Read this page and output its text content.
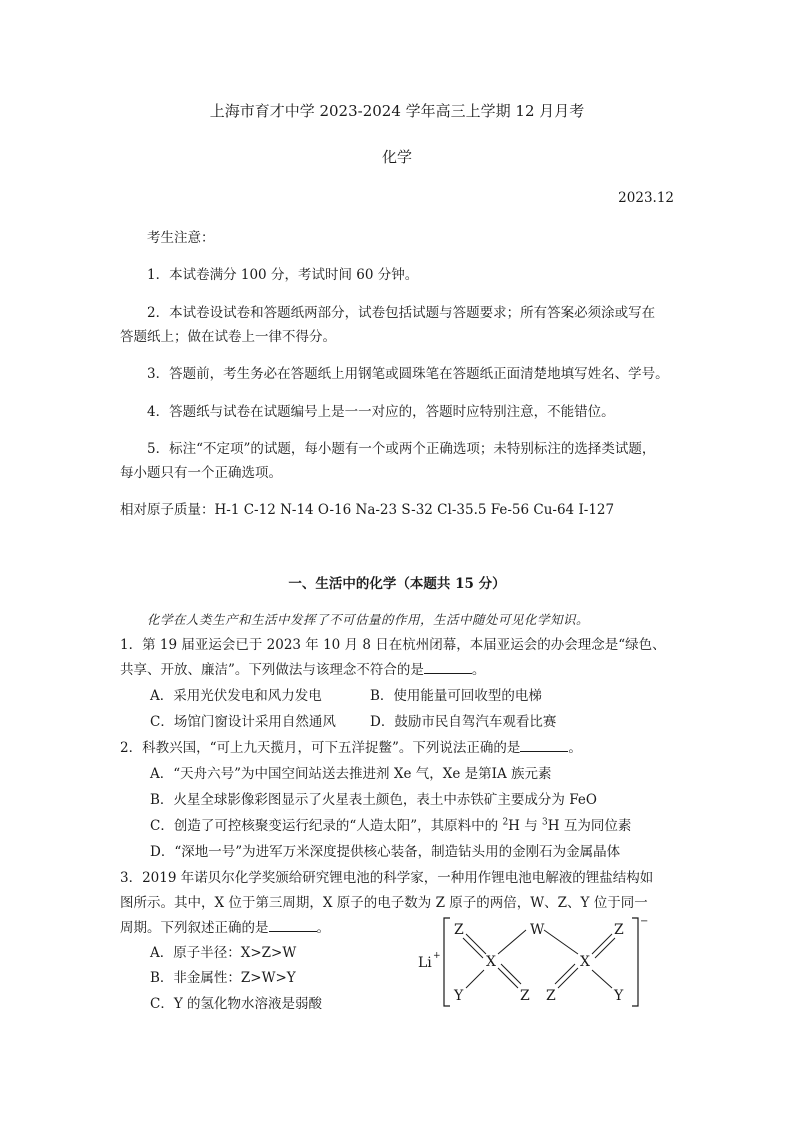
上海市育才中学 2023-2024 学年高三上学期 12 月月考
化学
2023.12
考生注意：
1．本试卷满分 100 分，考试时间 60 分钟。
2．本试卷设试卷和答题纸两部分，试卷包括试题与答题要求；所有答案必须涂或写在
答题纸上；做在试卷上一律不得分。
3．答题前，考生务必在答题纸上用钢笔或圆珠笔在答题纸正面清楚地填写姓名、学号。
4．答题纸与试卷在试题编号上是一一对应的，答题时应特别注意，不能错位。
5．标注“不定项”的试题，每小题有一个或两个正确选项；未特别标注的选择类试题，
每小题只有一个正确选项。
相对原子质量：H-1 C-12 N-14 O-16 Na-23 S-32 Cl-35.5 Fe-56 Cu-64 I-127
一、生活中的化学（本题共 15 分）
化学在人类生产和生活中发挥了不可估量的作用，生活中随处可见化学知识。
1．第 19 届亚运会已于 2023 年 10 月 8 日在杭州闭幕，本届亚运会的办会理念是“绿色、
共享、开放、廉洁”。下列做法与该理念不符合的是	。
A．采用光伏发电和风力发电	B．使用能量可回收型的电梯
C．场馆门窗设计采用自然通风	D．鼓励市民自驾汽车观看比赛
2．科教兴国，“可上九天揽月，可下五洋捉鳖”。下列说法正确的是	。
A．“天舟六号”为中国空间站送去推进剂 Xe 气，Xe 是第ⅠA 族元素
B．火星全球影像彩图显示了火星表土颜色，表土中赤铁矿主要成分为 FeO
C．创造了可控核聚变运行纪录的“人造太阳”，其原料中的 $^2$H 与 $^3$H 互为同位素
D．“深地一号”为进军万米深度提供核心装备，制造钻头用的金刚石为金属晶体
3．2019 年诺贝尔化学奖颁给研究锂电池的科学家，一种用作锂电池电解液的锂盐结构如
图所示。其中，X 位于第三周期，X 原子的电子数为 Z 原子的两倍，W、Z、Y 位于同一
周期。下列叙述正确的是	。
A．原子半径：X>Z>W
B．非金属性：Z>W>Y
C．Y 的氢化物水溶液是弱酸
Li +
−
Z	W	Z
X	X
Y	Z Z	Y
